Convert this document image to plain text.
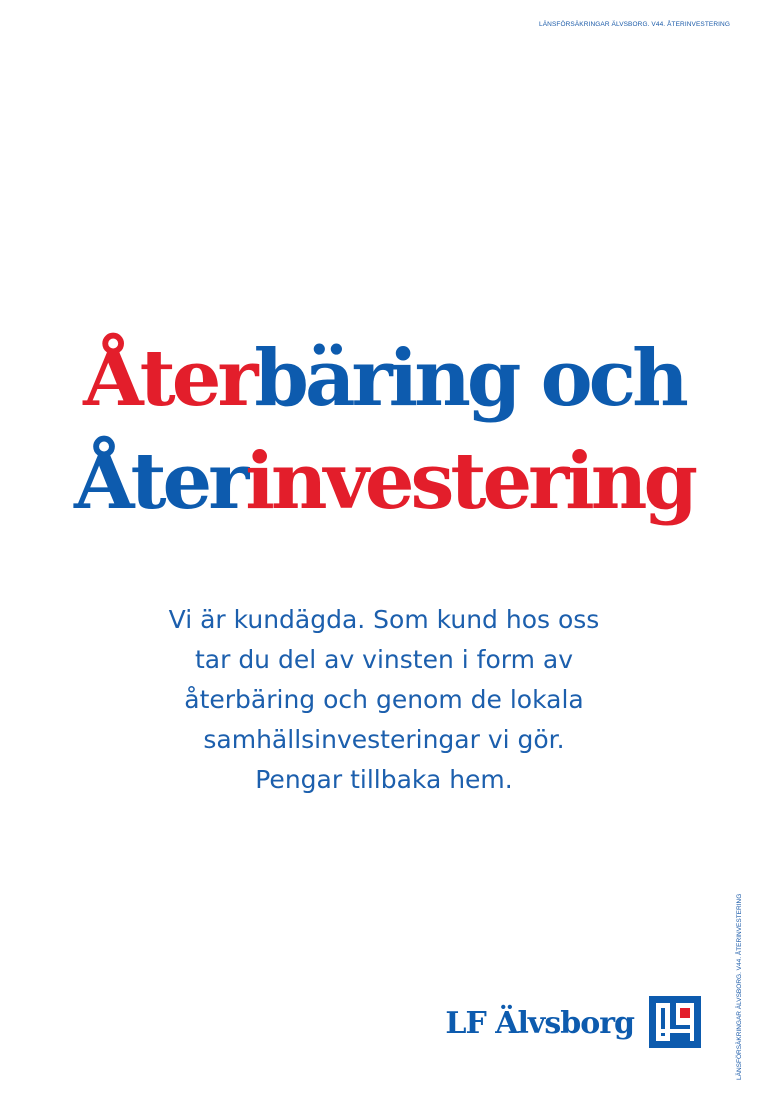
LÄNSFÖRSÄKRINGAR ÄLVSBORG. V44. ÅTERINVESTERING
Återbäring och
Återinvestering
Vi är kundägda. Som kund hos oss
tar du del av vinsten i form av
återbäring och genom de lokala
samhällsinvesteringar vi gör.
Pengar tillbaka hem.
LF Älvsborg	LÄNSFÖRSÄKRINGAR ÄLVSBORG. V44. ÅTERINVESTERING
